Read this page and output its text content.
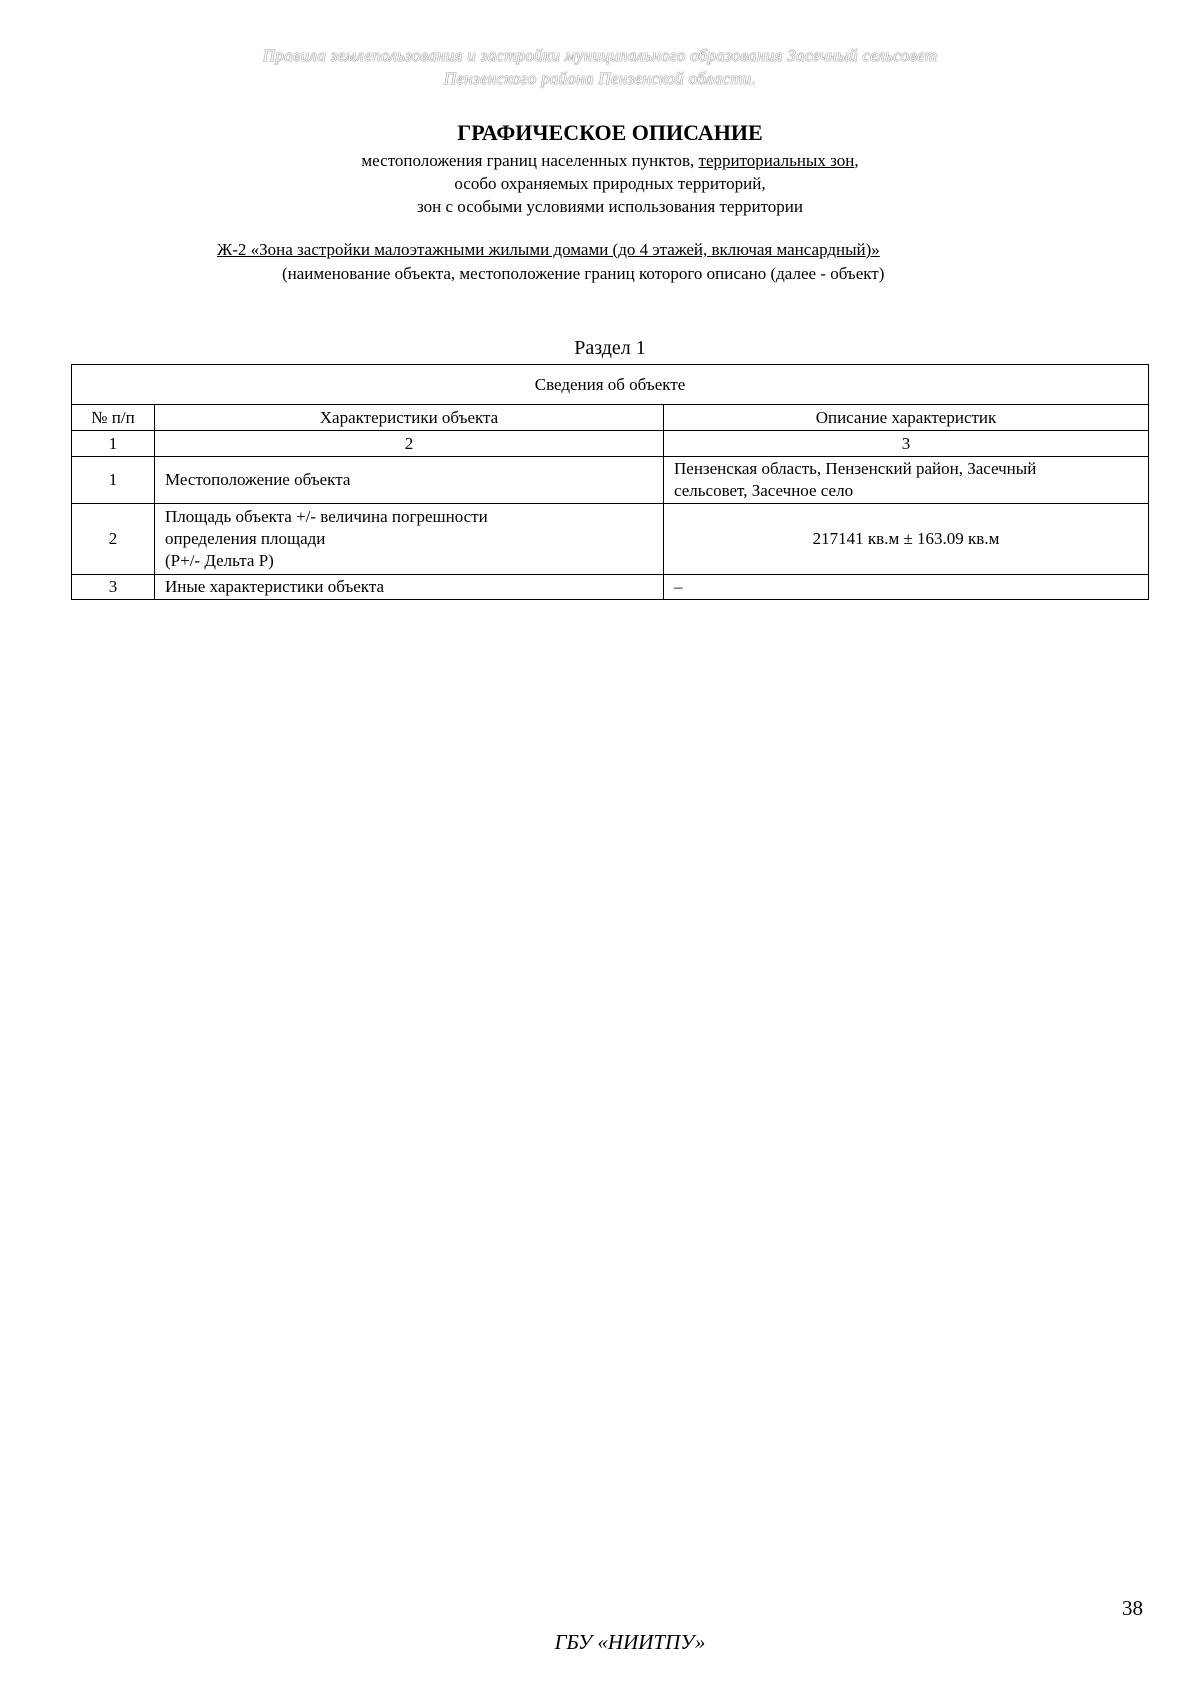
Правила землепользования и застройки муниципального образования Засечный сельсовет
Пензенского района Пензенской области.
ГРАФИЧЕСКОЕ ОПИСАНИЕ
местоположения границ населенных пунктов, территориальных зон,
особо охраняемых природных территорий,
зон с особыми условиями использования территории
Ж-2 «Зона застройки малоэтажными жилыми домами (до 4 этажей, включая мансардный)»
(наименование объекта, местоположение границ которого описано (далее - объект)
Раздел 1
Сведения об объекте		
№ п/п	Характеристики объекта	Описание характеристик
1	2	3
1	Местоположение объекта	Пензенская область, Пензенский район, Засечный
сельсовет, Засечное село

2	Площадь объекта +/- величина погрешности
определения площади
(Р+/- Дельта Р)	217141 кв.м ± 163.09 кв.м
3	Иные характеристики объекта	–
38
ГБУ «НИИТПУ»
